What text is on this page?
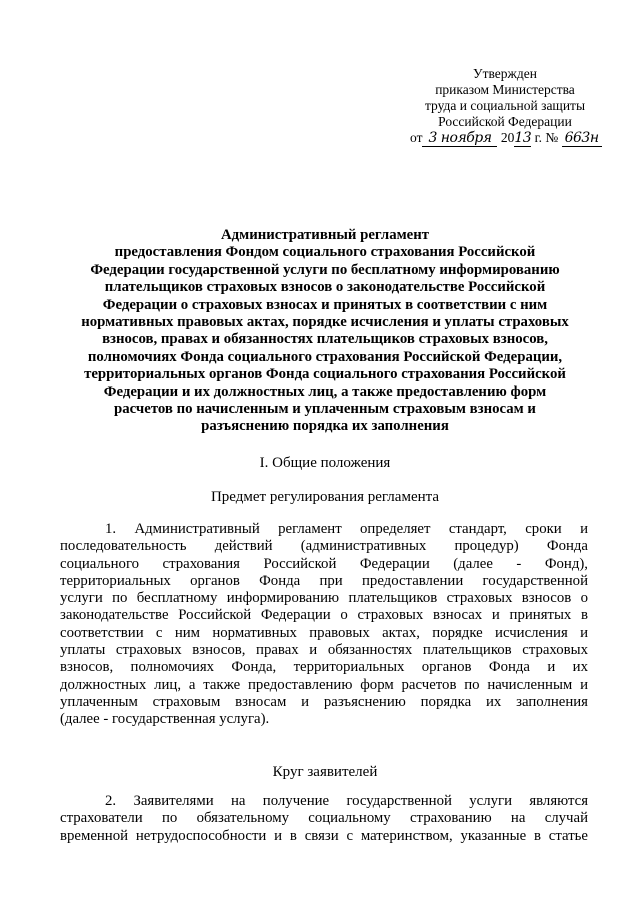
Утвержден
приказом Министерства
труда и социальной защиты
Российской Федерации
от 3 ноября 2013 г. № 663н
Административный регламент
предоставления Фондом социального страхования Российской
Федерации государственной услуги по бесплатному информированию
плательщиков страховых взносов о законодательстве Российской
Федерации о страховых взносах и принятых в соответствии с ним
нормативных правовых актах, порядке исчисления и уплаты страховых
взносов, правах и обязанностях плательщиков страховых взносов,
полномочиях Фонда социального страхования Российской Федерации,
территориальных органов Фонда социального страхования Российской
Федерации и их должностных лиц, а также предоставлению форм
расчетов по начисленным и уплаченным страховым взносам и
разъяснению порядка их заполнения
I. Общие положения
Предмет регулирования регламента
1. Административный регламент определяет стандарт, сроки и
последовательность действий (административных процедур) Фонда
социального страхования Российской Федерации (далее - Фонд),
территориальных органов Фонда при предоставлении государственной
услуги по бесплатному информированию плательщиков страховых взносов о
законодательстве Российской Федерации о страховых взносах и принятых в
соответствии с ним нормативных правовых актах, порядке исчисления и
уплаты страховых взносов, правах и обязанностях плательщиков страховых
взносов, полномочиях Фонда, территориальных органов Фонда и их
должностных лиц, а также предоставлению форм расчетов по начисленным и
уплаченным страховым взносам и разъяснению порядка их заполнения
(далее - государственная услуга).
Круг заявителей
2. Заявителями на получение государственной услуги являются
страхователи по обязательному социальному страхованию на случай
временной нетрудоспособности и в связи с материнством, указанные в статье
